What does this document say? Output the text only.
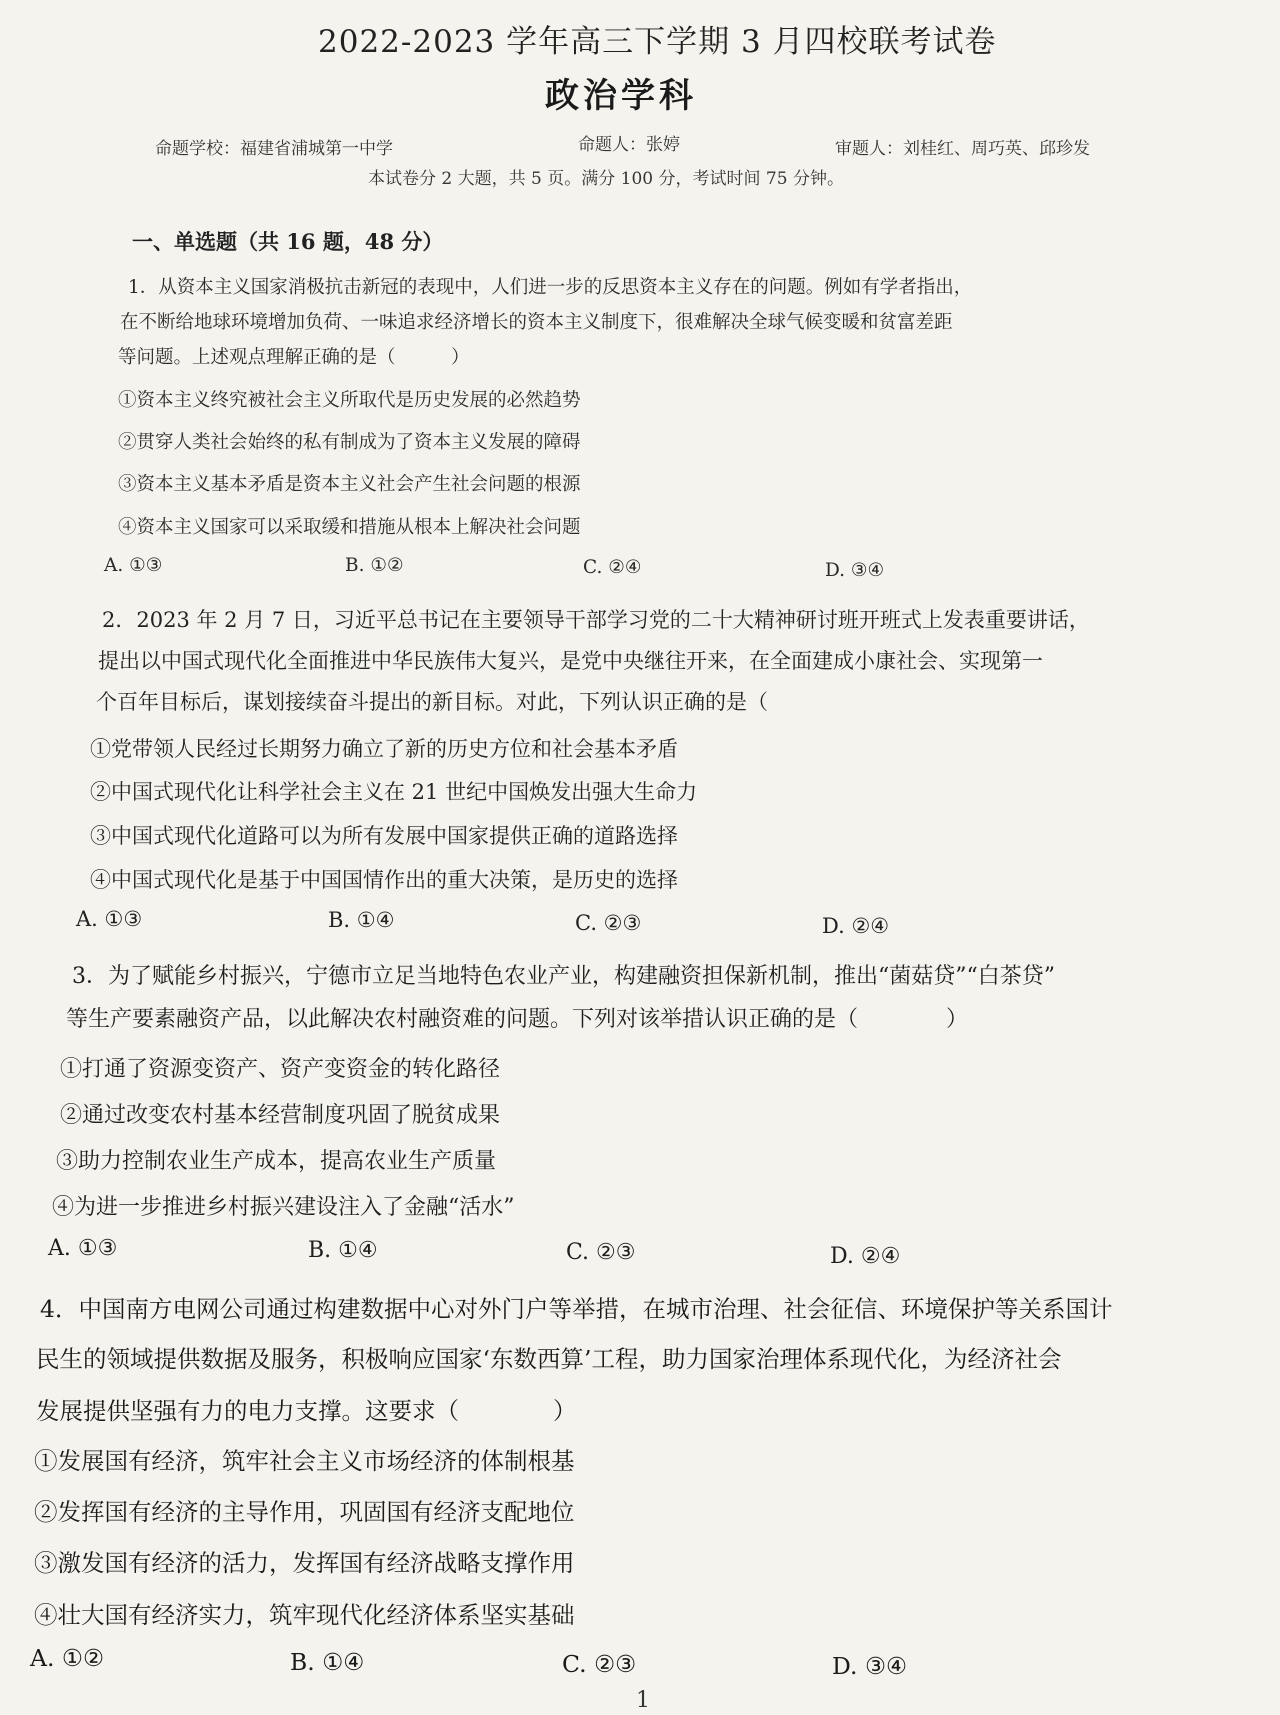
2022-2023 学年高三下学期 3 月四校联考试卷
政治学科
命题学校：福建省浦城第一中学	命题人：张婷	审题人：刘桂红、周巧英、邱珍发
本试卷分 2 大题，共 5 页。满分 100 分，考试时间 75 分钟。
一、单选题（共 16 题，48 分）
1．从资本主义国家消极抗击新冠的表现中，人们进一步的反思资本主义存在的问题。例如有学者指出，
在不断给地球环境增加负荷、一味追求经济增长的资本主义制度下，很难解决全球气候变暖和贫富差距
等问题。上述观点理解正确的是（　　　）
①资本主义终究被社会主义所取代是历史发展的必然趋势
②贯穿人类社会始终的私有制成为了资本主义发展的障碍
③资本主义基本矛盾是资本主义社会产生社会问题的根源
④资本主义国家可以采取缓和措施从根本上解决社会问题
A. ①③	B. ①②	C. ②④	D. ③④
2．2023 年 2 月 7 日，习近平总书记在主要领导干部学习党的二十大精神研讨班开班式上发表重要讲话，
提出以中国式现代化全面推进中华民族伟大复兴，是党中央继往开来，在全面建成小康社会、实现第一
个百年目标后，谋划接续奋斗提出的新目标。对此，下列认识正确的是（
①党带领人民经过长期努力确立了新的历史方位和社会基本矛盾
②中国式现代化让科学社会主义在 21 世纪中国焕发出强大生命力
③中国式现代化道路可以为所有发展中国家提供正确的道路选择
④中国式现代化是基于中国国情作出的重大决策，是历史的选择
A. ①③	B. ①④	C. ②③	D. ②④
3．为了赋能乡村振兴，宁德市立足当地特色农业产业，构建融资担保新机制，推出“菌菇贷”“白茶贷”
等生产要素融资产品，以此解决农村融资难的问题。下列对该举措认识正确的是（　　　　）
①打通了资源变资产、资产变资金的转化路径
②通过改变农村基本经营制度巩固了脱贫成果
③助力控制农业生产成本，提高农业生产质量
④为进一步推进乡村振兴建设注入了金融“活水”
A. ①③	B. ①④	C. ②③	D. ②④
4．中国南方电网公司通过构建数据中心对外门户等举措，在城市治理、社会征信、环境保护等关系国计
民生的领域提供数据及服务，积极响应国家‘东数西算’工程，助力国家治理体系现代化，为经济社会
发展提供坚强有力的电力支撑。这要求（　　　　）
①发展国有经济，筑牢社会主义市场经济的体制根基
②发挥国有经济的主导作用，巩固国有经济支配地位
③激发国有经济的活力，发挥国有经济战略支撑作用
④壮大国有经济实力，筑牢现代化经济体系坚实基础
A. ①②	B. ①④	C. ②③	D. ③④
1
